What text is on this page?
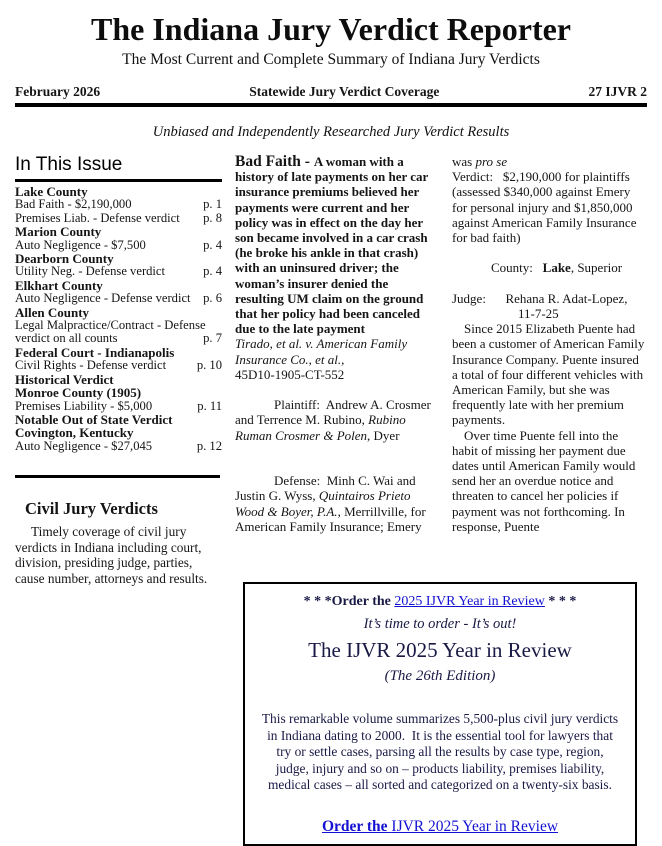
The Indiana Jury Verdict Reporter
The Most Current and Complete Summary of Indiana Jury Verdicts
February 2026	Statewide Jury Verdict Coverage	27 IJVR 2
Unbiased and Independently Researched Jury Verdict Results
In This Issue
Lake County
Bad Faith - $2,190,000	p. 1
Premises Liab. - Defense verdict	p. 8
Marion County
Auto Negligence - $7,500	p. 4
Dearborn County
Utility Neg. - Defense verdict	p. 4
Elkhart County
Auto Negligence - Defense verdict p. 6
Allen County
Legal Malpractice/Contract - Defense
verdict on all counts	p. 7
Federal Court - Indianapolis
Civil Rights - Defense verdict	p. 10
Historical Verdict
Monroe County (1905)
Premises Liability - $5,000	p. 11
Notable Out of State Verdict
Covington, Kentucky
Auto Negligence - $27,045	p. 12
Civil Jury Verdicts
Timely coverage of civil jury verdicts in Indiana including court, division, presiding judge, parties, cause number, attorneys and results.
Bad Faith - A woman with a history of late payments on her car insurance premiums believed her payments were current and her policy was in effect on the day her son became involved in a car crash (he broke his ankle in that crash) with an uninsured driver; the woman’s insurer denied the resulting UM claim on the ground that her policy had been canceled due to the late payment
Tirado, et al. v. American Family Insurance Co., et al.,
45D10-1905-CT-552

Plaintiff:  Andrew A. Crosmer and Terrence M. Rubino, Rubino Ruman Crosmer & Polen, Dyer

Defense:  Minh C. Wai and Justin G. Wyss, Quintairos Prieto Wood & Boyer, P.A., Merrillville, for American Family Insurance; Emery

was pro se
Verdict:   $2,190,000 for plaintiffs (assessed $340,000 against Emery for personal injury and $1,850,000 against American Family Insurance for bad faith)

County:   Lake, Superior

Judge:      Rehana R. Adat-Lopez,
11-7-25
Since 2015 Elizabeth Puente had been a customer of American Family Insurance Company. Puente insured a total of four different vehicles with American Family, but she was frequently late with her premium payments.
Over time Puente fell into the habit of missing her payment due dates until American Family would send her an overdue notice and threaten to cancel her policies if payment was not forthcoming. In response, Puente
* * *Order the 2025 IJVR Year in Review * * *
It’s time to order - It’s out!
The IJVR 2025 Year in Review
(The 26th Edition)
This remarkable volume summarizes 5,500-plus civil jury verdicts in Indiana dating to 2000.  It is the essential tool for lawyers that try or settle cases, parsing all the results by case type, region, judge, injury and so on – products liability, premises liability, medical cases – all sorted and categorized on a twenty-six basis.
Order the IJVR 2025 Year in Review
